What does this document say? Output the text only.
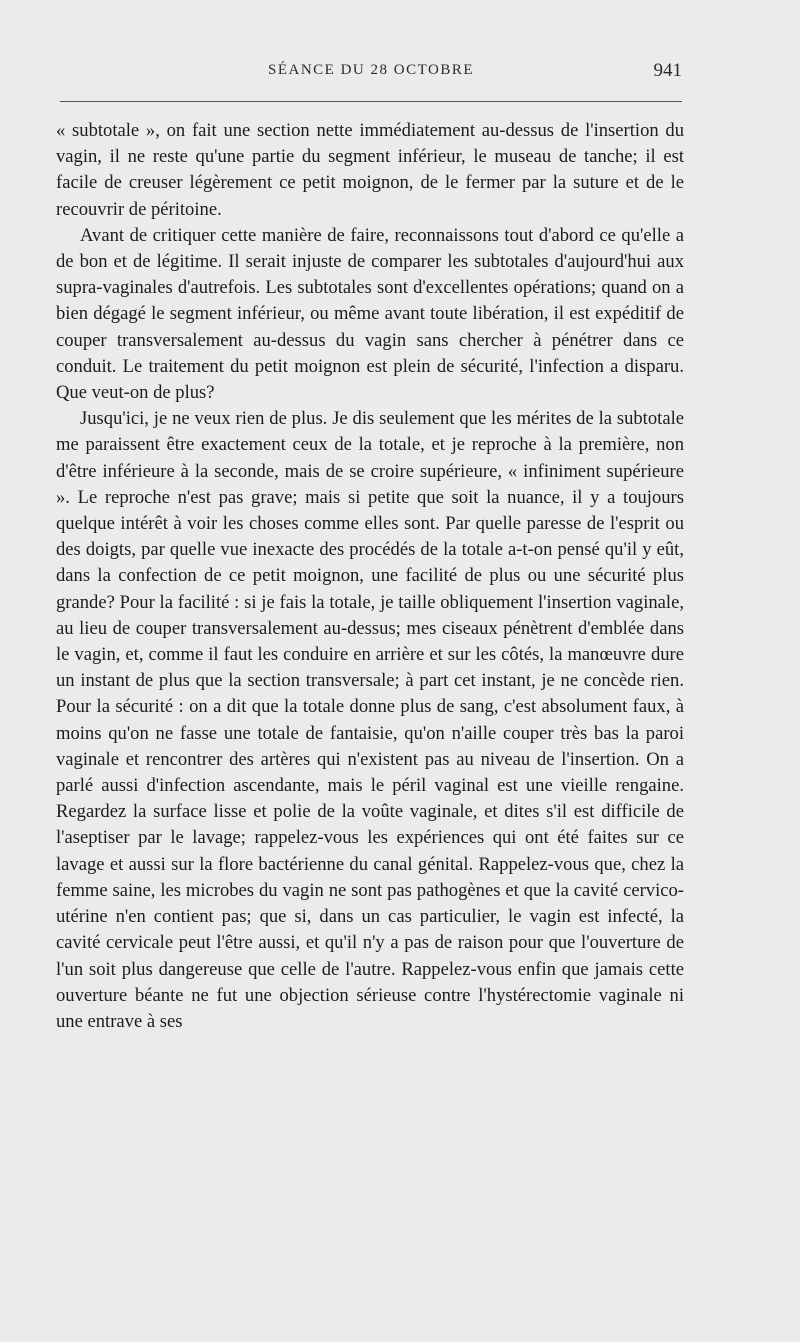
SÉANCE DU 28 OCTOBRE	941

« subtotale », on fait une section nette immédiatement au-dessus de l'insertion du vagin, il ne reste qu'une partie du segment inférieur, le museau de tanche; il est facile de creuser légèrement ce petit moignon, de le fermer par la suture et de le recouvrir de péritoine.

Avant de critiquer cette manière de faire, reconnaissons tout d'abord ce qu'elle a de bon et de légitime. Il serait injuste de comparer les subtotales d'aujourd'hui aux supra-vaginales d'autrefois. Les subtotales sont d'excellentes opérations; quand on a bien dégagé le segment inférieur, ou même avant toute libération, il est expéditif de couper transversalement au-dessus du vagin sans chercher à pénétrer dans ce conduit. Le traitement du petit moignon est plein de sécurité, l'infection a disparu. Que veut-on de plus?

Jusqu'ici, je ne veux rien de plus. Je dis seulement que les mérites de la subtotale me paraissent être exactement ceux de la totale, et je reproche à la première, non d'être inférieure à la seconde, mais de se croire supérieure, « infiniment supérieure ». Le reproche n'est pas grave; mais si petite que soit la nuance, il y a toujours quelque intérêt à voir les choses comme elles sont. Par quelle paresse de l'esprit ou des doigts, par quelle vue inexacte des procédés de la totale a-t-on pensé qu'il y eût, dans la confection de ce petit moignon, une facilité de plus ou une sécurité plus grande? Pour la facilité : si je fais la totale, je taille obliquement l'insertion vaginale, au lieu de couper transversalement au-dessus; mes ciseaux pénètrent d'emblée dans le vagin, et, comme il faut les conduire en arrière et sur les côtés, la manœuvre dure un instant de plus que la section transversale; à part cet instant, je ne concède rien. Pour la sécurité : on a dit que la totale donne plus de sang, c'est absolument faux, à moins qu'on ne fasse une totale de fantaisie, qu'on n'aille couper très bas la paroi vaginale et rencontrer des artères qui n'existent pas au niveau de l'insertion. On a parlé aussi d'infection ascendante, mais le péril vaginal est une vieille rengaine. Regardez la surface lisse et polie de la voûte vaginale, et dites s'il est difficile de l'aseptiser par le lavage; rappelez-vous les expériences qui ont été faites sur ce lavage et aussi sur la flore bactérienne du canal génital. Rappelez-vous que, chez la femme saine, les microbes du vagin ne sont pas pathogènes et que la cavité cervico-utérine n'en contient pas; que si, dans un cas particulier, le vagin est infecté, la cavité cervicale peut l'être aussi, et qu'il n'y a pas de raison pour que l'ouverture de l'un soit plus dangereuse que celle de l'autre. Rappelez-vous enfin que jamais cette ouverture béante ne fut une objection sérieuse contre l'hystérectomie vaginale ni une entrave à ses
